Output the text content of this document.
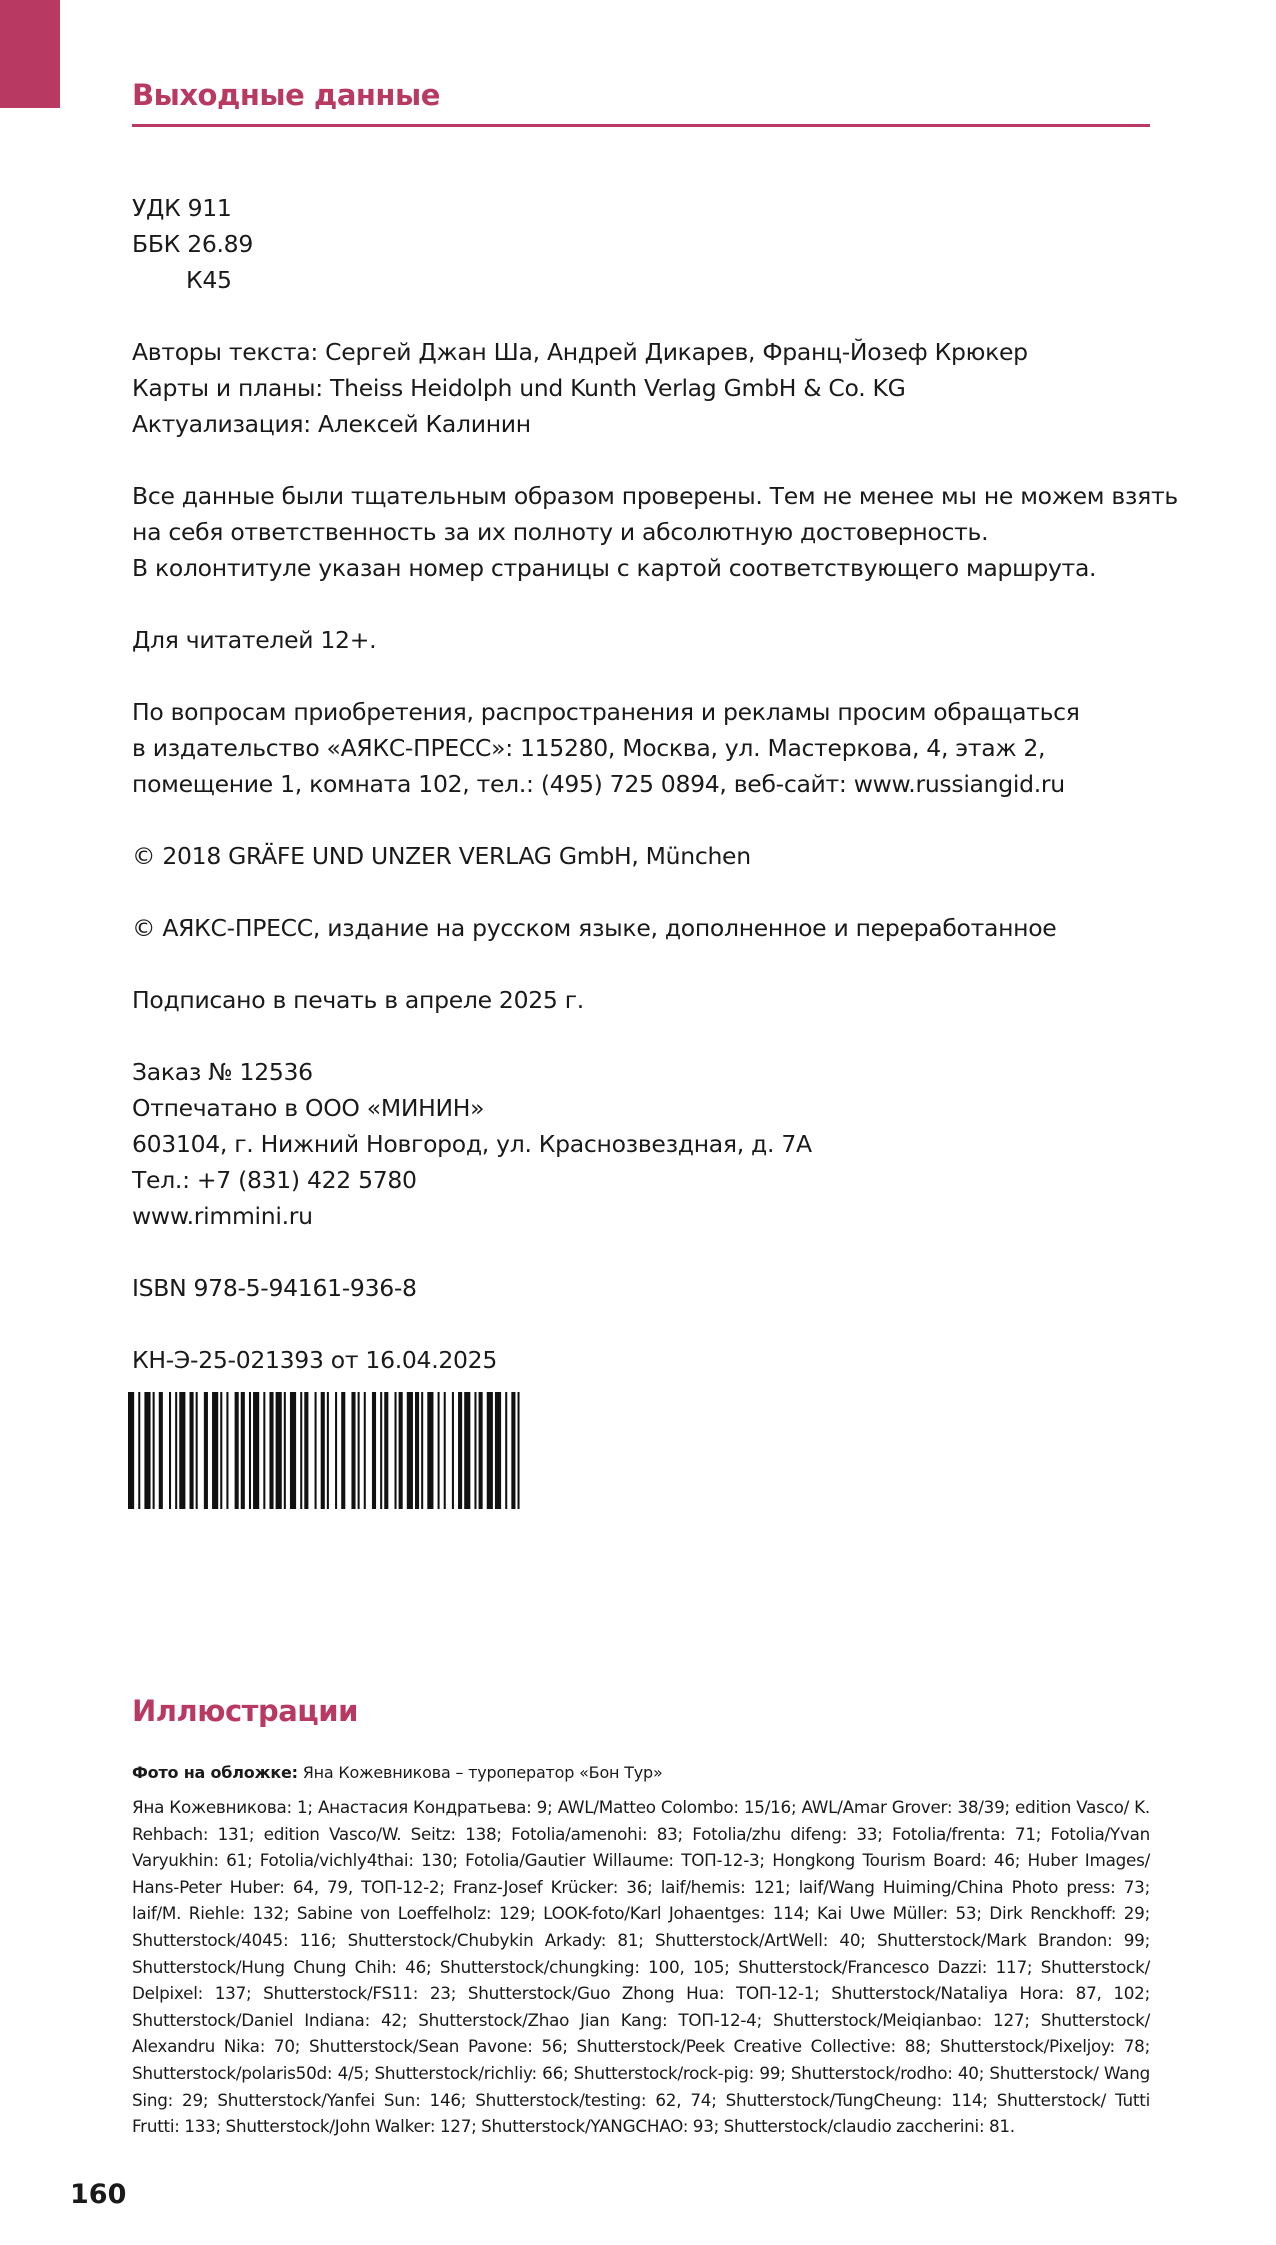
Выходные данные
УДК 911
ББК 26.89
К45
Авторы текста: Сергей Джан Ша, Андрей Дикарев, Франц-Йозеф Крюкер
Карты и планы: Theiss Heidolph und Kunth Verlag GmbH & Co. KG
Актуализация: Алексей Калинин
Все данные были тщательным образом проверены. Тем не менее мы не можем взять
на себя ответственность за их полноту и абсолютную достоверность.
В колонтитуле указан номер страницы с картой соответствующего маршрута.
Для читателей 12+.
По вопросам приобретения, распространения и рекламы просим обращаться
в издательство «АЯКС-ПРЕСС»: 115280, Москва, ул. Мастеркова, 4, этаж 2,
помещение 1, комната 102, тел.: (495) 725 0894, веб-сайт: www.russiangid.ru
© 2018 GRÄFE UND UNZER VERLAG GmbH, München
© АЯКС-ПРЕСС, издание на русском языке, дополненное и переработанное
Подписано в печать в апреле 2025 г.
Заказ № 12536
Отпечатано в ООО «МИНИН»
603104, г. Нижний Новгород, ул. Краснозвездная, д. 7А
Тел.: +7 (831) 422 5780
www.rimmini.ru
ISBN 978-5-94161-936-8
КН-Э-25-021393 от 16.04.2025
Иллюстрации
Фото на обложке: Яна Кожевникова – туроператор «Бон Тур»
Яна Кожевникова: 1; Анастасия Кондратьева: 9; AWL/Matteo Colombo: 15/16; AWL/Amar Grover: 38/39; edition Vasco/ K. Rehbach: 131; edition Vasco/W. Seitz: 138; Fotolia/amenohi: 83; Fotolia/zhu difeng: 33; Fotolia/frenta: 71; Fotolia/Yvan Varyukhin: 61; Fotolia/vichly4thai: 130; Fotolia/Gautier Willaume: ТОП-12-3; Hongkong Tourism Board: 46; Huber Images/ Hans-Peter Huber: 64, 79, ТОП-12-2; Franz-Josef Krücker: 36; laif/hemis: 121; laif/Wang Huiming/China Photo press: 73; laif/M. Riehle: 132; Sabine von Loeffelholz: 129; LOOK-foto/Karl Johaentges: 114; Kai Uwe Müller: 53; Dirk Renckhoff: 29; Shutterstock/4045: 116; Shutterstock/Chubykin Arkady: 81; Shutterstock/ArtWell: 40; Shutterstock/Mark Brandon: 99; Shutterstock/Hung Chung Chih: 46; Shutterstock/chungking: 100, 105; Shutterstock/Francesco Dazzi: 117; Shutterstock/ Delpixel: 137; Shutterstock/FS11: 23; Shutterstock/Guo Zhong Hua: ТОП-12-1; Shutterstock/Nataliya Hora: 87, 102; Shutterstock/Daniel Indiana: 42; Shutterstock/Zhao Jian Kang: ТОП-12-4; Shutterstock/Meiqianbao: 127; Shutterstock/ Alexandru Nika: 70; Shutterstock/Sean Pavone: 56; Shutterstock/Peek Creative Collective: 88; Shutterstock/Pixeljoy: 78; Shutterstock/polaris50d: 4/5; Shutterstock/richliy: 66; Shutterstock/rock-pig: 99; Shutterstock/rodho: 40; Shutterstock/ Wang Sing: 29; Shutterstock/Yanfei Sun: 146; Shutterstock/testing: 62, 74; Shutterstock/TungCheung: 114; Shutterstock/ Tutti Frutti: 133; Shutterstock/John Walker: 127; Shutterstock/YANGCHAO: 93; Shutterstock/claudio zaccherini: 81.
160
